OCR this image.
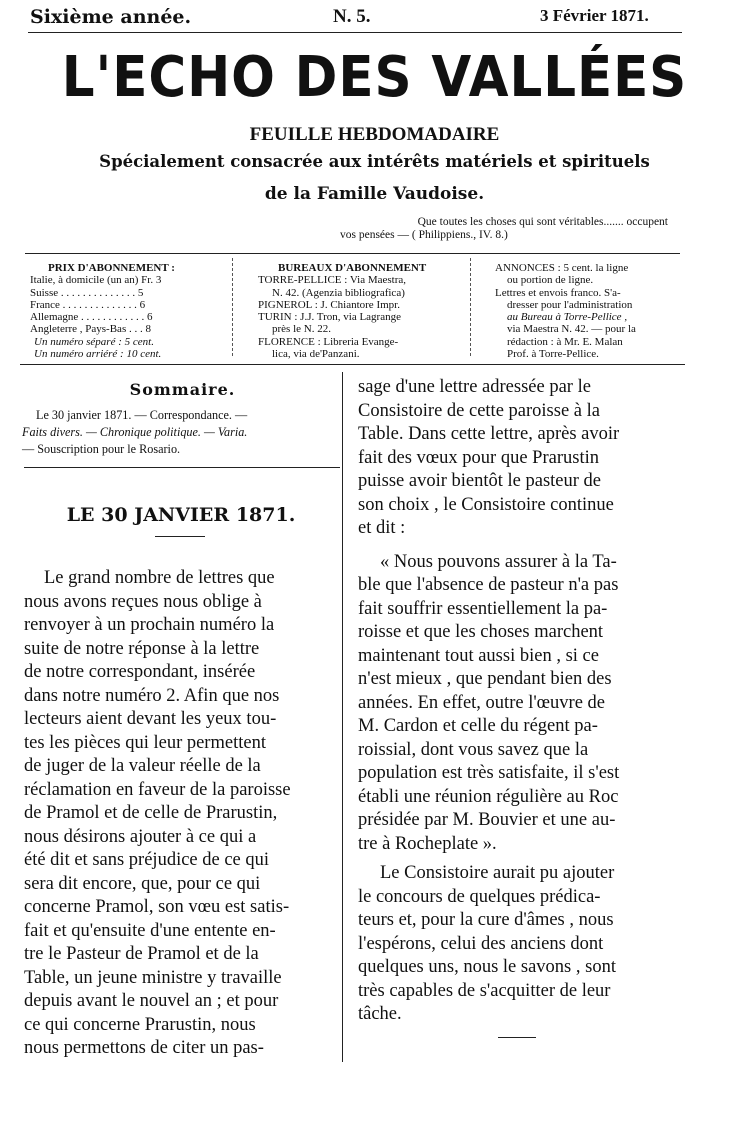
Sixième année.	N. 5.	3 Février 1871.
L'ECHO DES VALLÉES
FEUILLE HEBDOMADAIRE
Spécialement consacrée aux intérêts matériels et spirituels
de la Famille Vaudoise.
Que toutes les choses qui sont véritables....... occupent
vos pensées — ( Philippiens., IV. 8.)
PRIX D'ABONNEMENT :
Italie, à domicile (un an) Fr. 3
Suisse . . . . . . . . . . . . . . 5
France . . . . . . . . . . . . . . 6
Allemagne . . . . . . . . . . . . 6
Angleterre , Pays-Bas . . . 8
Un numéro séparé : 5 cent.
Un numéro arriéré : 10 cent.
BUREAUX D'ABONNEMENT
TORRE-PELLICE : Via Maestra,
N. 42. (Agenzia bibliografica)
PIGNEROL : J. Chiantore Impr.
TURIN : J.J. Tron, via Lagrange
près le N. 22.
FLORENCE : Libreria Evange-
lica, via de'Panzani.
ANNONCES : 5 cent. la ligne
ou portion de ligne.
Lettres et envois franco. S'a-
dresser pour l'administration
au Bureau à Torre-Pellice ,
via Maestra N. 42. — pour la
rédaction : à Mr. E. Malan
Prof. à Torre-Pellice.
Sommaire.
Le 30 janvier 1871. — Correspondance. —
Faits divers. — Chronique politique. — Varia.
— Souscription pour le Rosario.
LE 30 JANVIER 1871.
Le grand nombre de lettres que
nous avons reçues nous oblige à
renvoyer à un prochain numéro la
suite de notre réponse à la lettre
de notre correspondant, insérée
dans notre numéro 2. Afin que nos
lecteurs aient devant les yeux tou-
tes les pièces qui leur permettent
de juger de la valeur réelle de la
réclamation en faveur de la paroisse
de Pramol et de celle de Prarustin,
nous désirons ajouter à ce qui a
été dit et sans préjudice de ce qui
sera dit encore, que, pour ce qui
concerne Pramol, son vœu est satis-
fait et qu'ensuite d'une entente en-
tre le Pasteur de Pramol et de la
Table, un jeune ministre y travaille
depuis avant le nouvel an ; et pour
ce qui concerne Prarustin, nous
nous permettons de citer un pas-
sage d'une lettre adressée par le
Consistoire de cette paroisse à la
Table. Dans cette lettre, après avoir
fait des vœux pour que Prarustin
puisse avoir bientôt le pasteur de
son choix , le Consistoire continue
et dit :
« Nous pouvons assurer à la Ta-
ble que l'absence de pasteur n'a pas
fait souffrir essentiellement la pa-
roisse et que les choses marchent
maintenant tout aussi bien , si ce
n'est mieux , que pendant bien des
années. En effet, outre l'œuvre de
M. Cardon et celle du régent pa-
roissial, dont vous savez que la
population est très satisfaite, il s'est
établi une réunion régulière au Roc
présidée par M. Bouvier et une au-
tre à Rocheplate ».
Le Consistoire aurait pu ajouter
le concours de quelques prédica-
teurs et, pour la cure d'âmes , nous
l'espérons, celui des anciens dont
quelques uns, nous le savons , sont
très capables de s'acquitter de leur
tâche.
